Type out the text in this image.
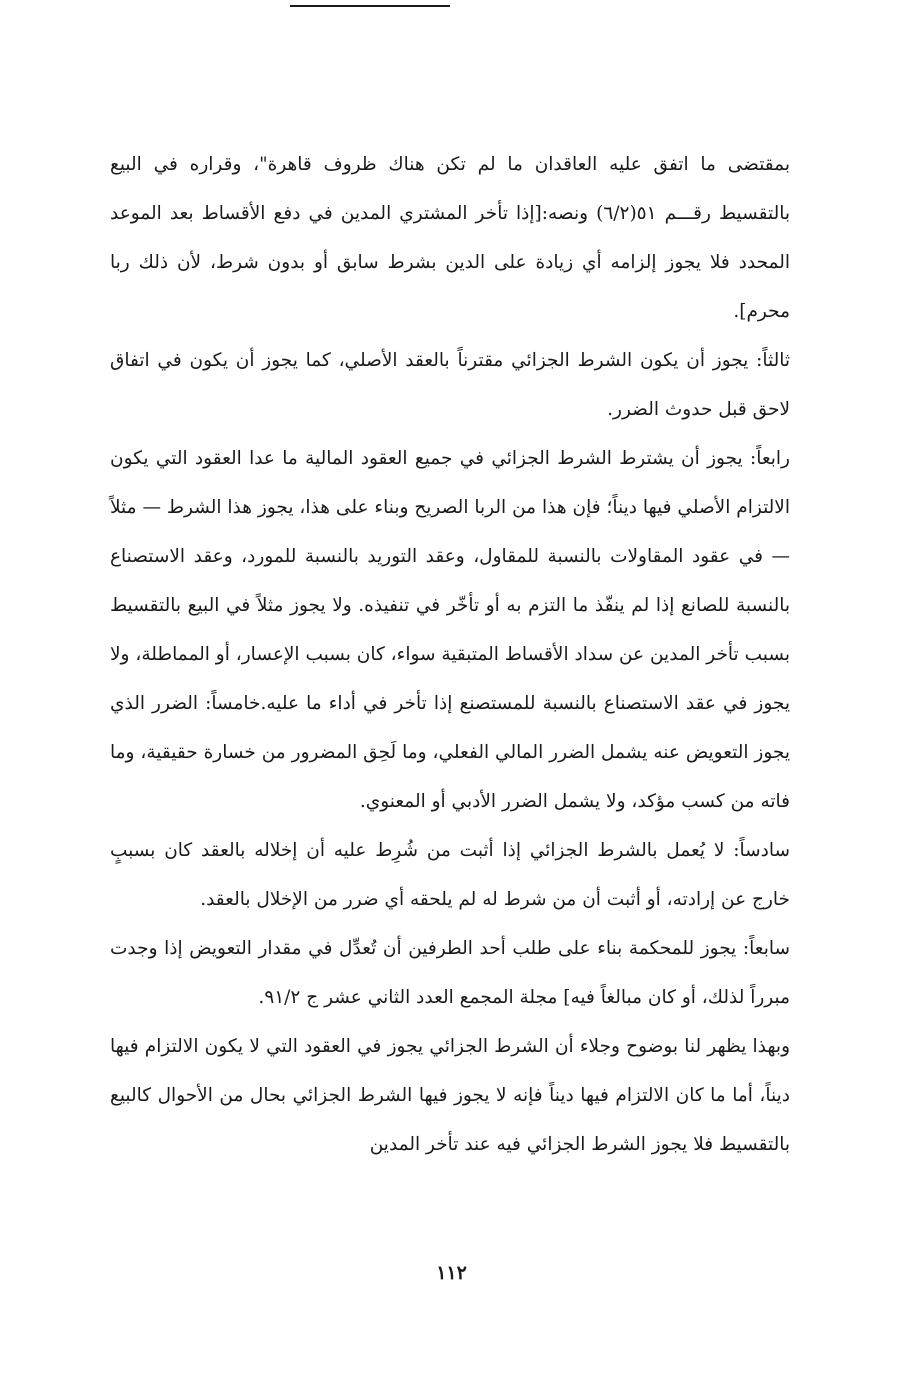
بمقتضى ما اتفق عليه العاقدان ما لم تكن هناك ظروف قاهرة"، وقراره في البيع بالتقسيط رقـــم ٥١(٦/٢) ونصه:[إذا تأخر المشتري المدين في دفع الأقساط بعد الموعد المحدد فلا يجوز إلزامه أي زيادة على الدين بشرط سابق أو بدون شرط، لأن ذلك ربا محرم].

ثالثاً: يجوز أن يكون الشرط الجزائي مقترناً بالعقد الأصلي، كما يجوز أن يكون في اتفاق لاحق قبل حدوث الضرر.

رابعاً: يجوز أن يشترط الشرط الجزائي في جميع العقود المالية ما عدا العقود التي يكون الالتزام الأصلي فيها ديناً؛ فإن هذا من الربا الصريح وبناء على هذا، يجوز هذا الشرط — مثلاً — في عقود المقاولات بالنسبة للمقاول، وعقد التوريد بالنسبة للمورد، وعقد الاستصناع بالنسبة للصانع إذا لم ينفّذ ما التزم به أو تأخّر في تنفيذه. ولا يجوز مثلاً في البيع بالتقسيط بسبب تأخر المدين عن سداد الأقساط المتبقية سواء، كان بسبب الإعسار، أو المماطلة، ولا يجوز في عقد الاستصناع بالنسبة للمستصنع إذا تأخر في أداء ما عليه.خامساً: الضرر الذي يجوز التعويض عنه يشمل الضرر المالي الفعلي، وما لَحِق المضرور من خسارة حقيقية، وما فاته من كسب مؤكد، ولا يشمل الضرر الأدبي أو المعنوي.

سادساً: لا يُعمل بالشرط الجزائي إذا أثبت من شُرِط عليه أن إخلاله بالعقد كان بسببٍ خارج عن إرادته، أو أثبت أن من شرط له لم يلحقه أي ضرر من الإخلال بالعقد.

سابعاً: يجوز للمحكمة بناء على طلب أحد الطرفين أن تُعدِّل في مقدار التعويض إذا وجدت مبرراً لذلك، أو كان مبالغاً فيه] مجلة المجمع العدد الثاني عشر ج ٩١/٢.

وبهذا يظهر لنا بوضوح وجلاء أن الشرط الجزائي يجوز في العقود التي لا يكون الالتزام فيها ديناً، أما ما كان الالتزام فيها ديناً فإنه لا يجوز فيها الشرط الجزائي بحال من الأحوال كالبيع بالتقسيط فلا يجوز الشرط الجزائي فيه عند تأخر المدين

١١٢
